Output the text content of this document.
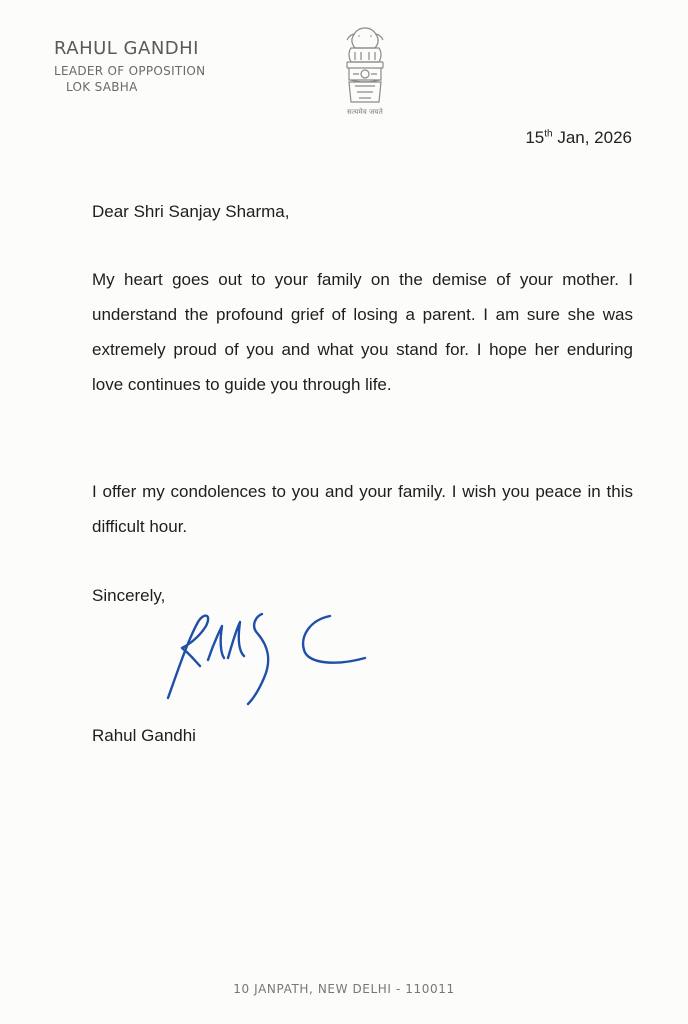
RAHUL GANDHI
LEADER OF OPPOSITION
LOK SABHA
सत्यमेव जयते
15th Jan, 2026
Dear Shri Sanjay Sharma,

My heart goes out to your family on the demise of your mother. I understand the profound grief of losing a parent. I am sure she was extremely proud of you and what you stand for. I hope her enduring love continues to guide you through life.

I offer my condolences to you and your family. I wish you peace in this difficult hour.

Sincerely,
Rahul Gandhi
10 JANPATH, NEW DELHI - 110011
